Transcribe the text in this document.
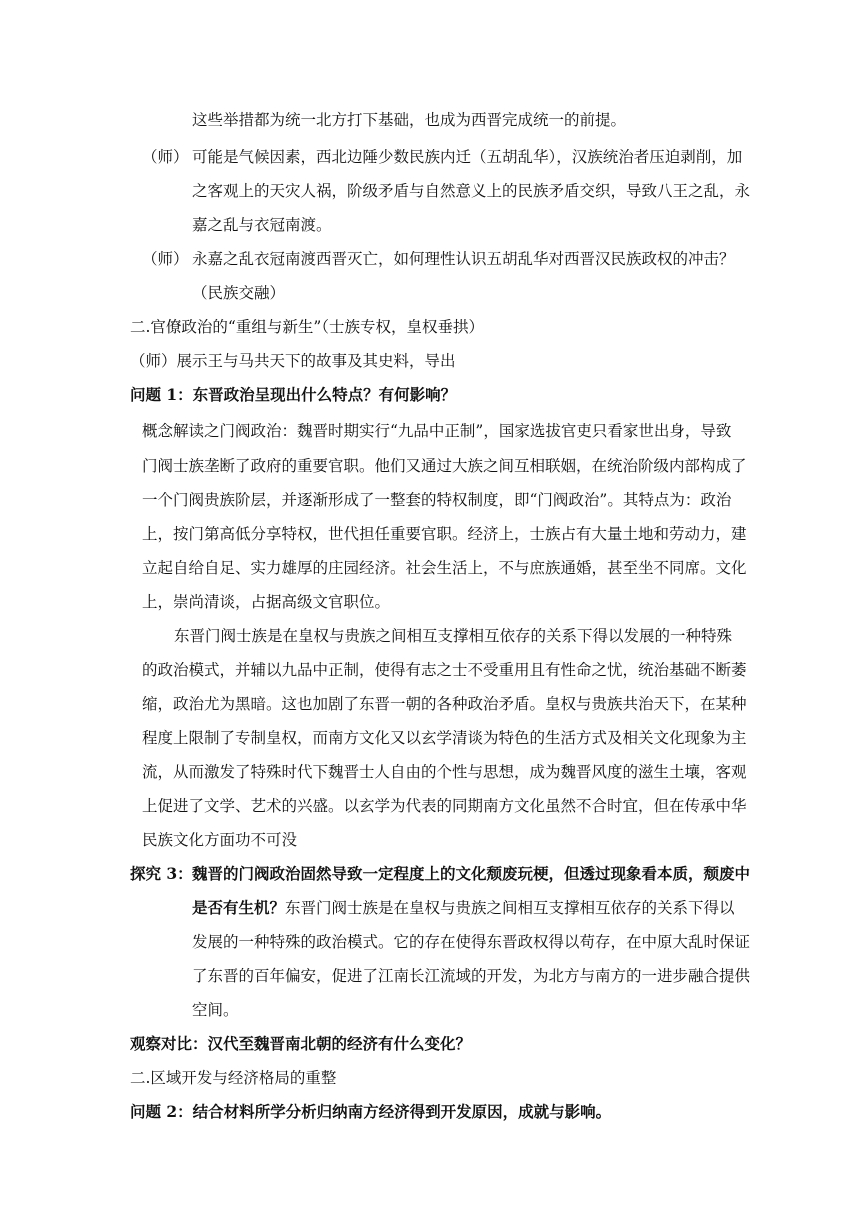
这些举措都为统一北方打下基础，也成为西晋完成统一的前提。

（师） 可能是气候因素，西北边陲少数民族内迁（五胡乱华），汉族统治者压迫剥削，加

之客观上的天灾人祸，阶级矛盾与自然意义上的民族矛盾交织，导致八王之乱，永

嘉之乱与衣冠南渡。

（师） 永嘉之乱衣冠南渡西晋灭亡，如何理性认识五胡乱华对西晋汉民族政权的冲击？

（民族交融）

二.官僚政治的“重组与新生”（士族专权，皇权垂拱）

（师）展示王与马共天下的故事及其史料，导出

问题 1：东晋政治呈现出什么特点？有何影响？

概念解读之门阀政治：魏晋时期实行“九品中正制”，国家选拔官吏只看家世出身，导致

门阀士族垄断了政府的重要官职。他们又通过大族之间互相联姻，在统治阶级内部构成了

一个门阀贵族阶层，并逐渐形成了一整套的特权制度，即“门阀政治”。其特点为：政治

上，按门第高低分享特权，世代担任重要官职。经济上，士族占有大量土地和劳动力，建

立起自给自足、实力雄厚的庄园经济。社会生活上，不与庶族通婚，甚至坐不同席。文化

上，崇尚清谈，占据高级文官职位。

东晋门阀士族是在皇权与贵族之间相互支撑相互依存的关系下得以发展的一种特殊

的政治模式，并辅以九品中正制，使得有志之士不受重用且有性命之忧，统治基础不断萎

缩，政治尤为黑暗。这也加剧了东晋一朝的各种政治矛盾。皇权与贵族共治天下，在某种

程度上限制了专制皇权，而南方文化又以玄学清谈为特色的生活方式及相关文化现象为主

流，从而激发了特殊时代下魏晋士人自由的个性与思想，成为魏晋风度的滋生土壤，客观

上促进了文学、艺术的兴盛。以玄学为代表的同期南方文化虽然不合时宜，但在传承中华

民族文化方面功不可没

探究 3： 魏晋的门阀政治固然导致一定程度上的文化颓废玩梗，但透过现象看本质，颓废中

是否有生机？东晋门阀士族是在皇权与贵族之间相互支撑相互依存的关系下得以

发展的一种特殊的政治模式。它的存在使得东晋政权得以苟存，在中原大乱时保证

了东晋的百年偏安，促进了江南长江流域的开发，为北方与南方的一进步融合提供

空间。

观察对比：汉代至魏晋南北朝的经济有什么变化？

二.区域开发与经济格局的重整

问题 2：结合材料所学分析归纳南方经济得到开发原因，成就与影响。
